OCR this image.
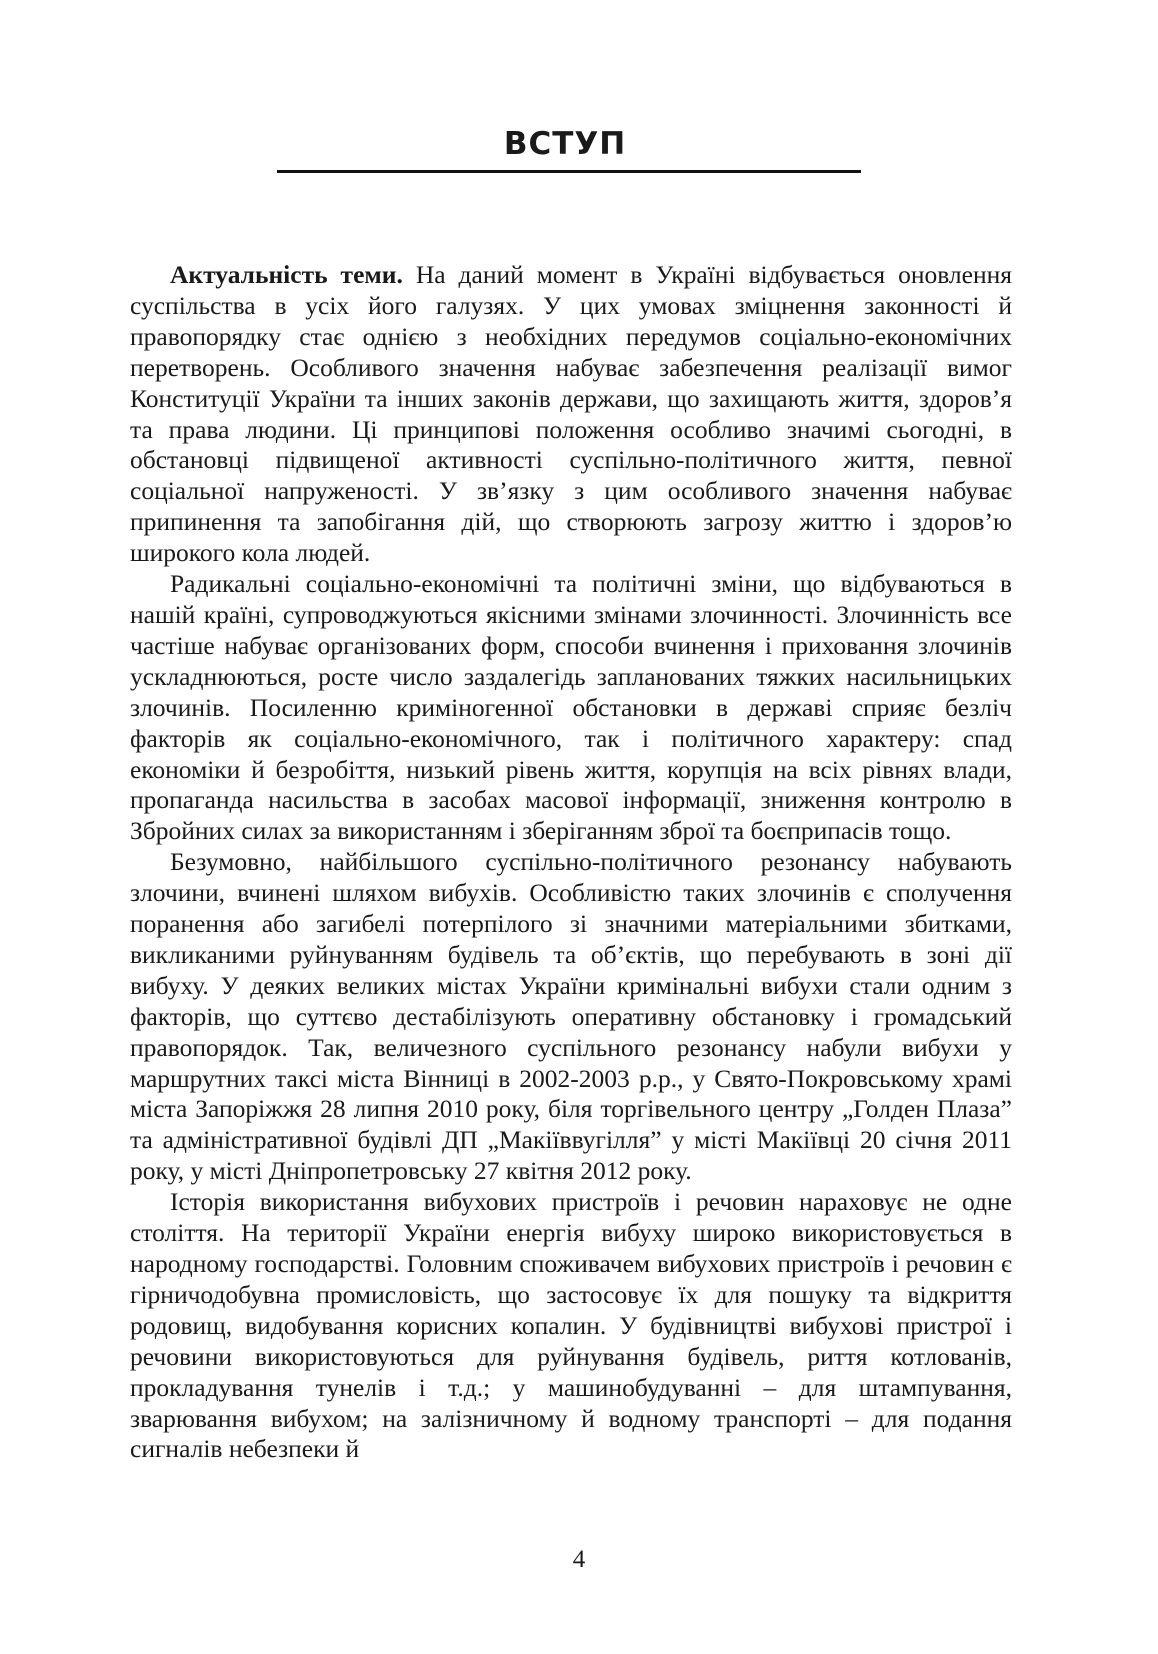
ВСТУП

Актуальність теми. На даний момент в Україні відбувається оновлення суспільства в усіх його галузях. У цих умовах зміцнення законності й правопорядку стає однією з необхідних передумов соціально-економічних перетворень. Особливого значення набуває забезпечення реалізації вимог Конституції України та інших законів держави, що захищають життя, здоров’я та права людини. Ці принципові положення особливо значимі сьогодні, в обстановці підвищеної активності суспільно-політичного життя, певної соціальної напруженості. У зв’язку з цим особливого значення набуває припинення та запобігання дій, що створюють загрозу життю і здоров’ю широкого кола людей.

Радикальні соціально-економічні та політичні зміни, що відбуваються в нашій країні, супроводжуються якісними змінами злочинності. Злочинність все частіше набуває організованих форм, способи вчинення і приховання злочинів ускладнюються, росте число заздалегідь запланованих тяжких насильницьких злочинів. Посиленню криміногенної обстановки в державі сприяє безліч факторів як соціально-економічного, так і політичного характеру: спад економіки й безробіття, низький рівень життя, корупція на всіх рівнях влади, пропаганда насильства в засобах масової інформації, зниження контролю в Збройних силах за використанням і зберіганням зброї та боєприпасів тощо.

Безумовно, найбільшого суспільно-політичного резонансу набувають злочини, вчинені шляхом вибухів. Особливістю таких злочинів є сполучення поранення або загибелі потерпілого зі значними матеріальними збитками, викликаними руйнуванням будівель та об’єктів, що перебувають в зоні дії вибуху. У деяких великих містах України кримінальні вибухи стали одним з факторів, що суттєво дестабілізують оперативну обстановку і громадський правопорядок. Так, величезного суспільного резонансу набули вибухи у маршрутних таксі міста Вінниці в 2002-2003 р.р., у Свято-Покровському храмі міста Запоріжжя 28 липня 2010 року, біля торгівельного центру „Голден Плаза” та адміністративної будівлі ДП „Макіїввугілля” у місті Макіївці 20 січня 2011 року, у місті Дніпропетровську 27 квітня 2012 року.

Історія використання вибухових пристроїв і речовин нараховує не одне століття. На території України енергія вибуху широко використовується в народному господарстві. Головним споживачем вибухових пристроїв і речовин є гірничодобувна промисловість, що застосовує їх для пошуку та відкриття родовищ, видобування корисних копалин. У будівництві вибухові пристрої і речовини використовуються для руйнування будівель, риття котлованів, прокладування тунелів і т.д.; у машинобудуванні – для штампування, зварювання вибухом; на залізничному й водному транспорті – для подання сигналів небезпеки й

4
